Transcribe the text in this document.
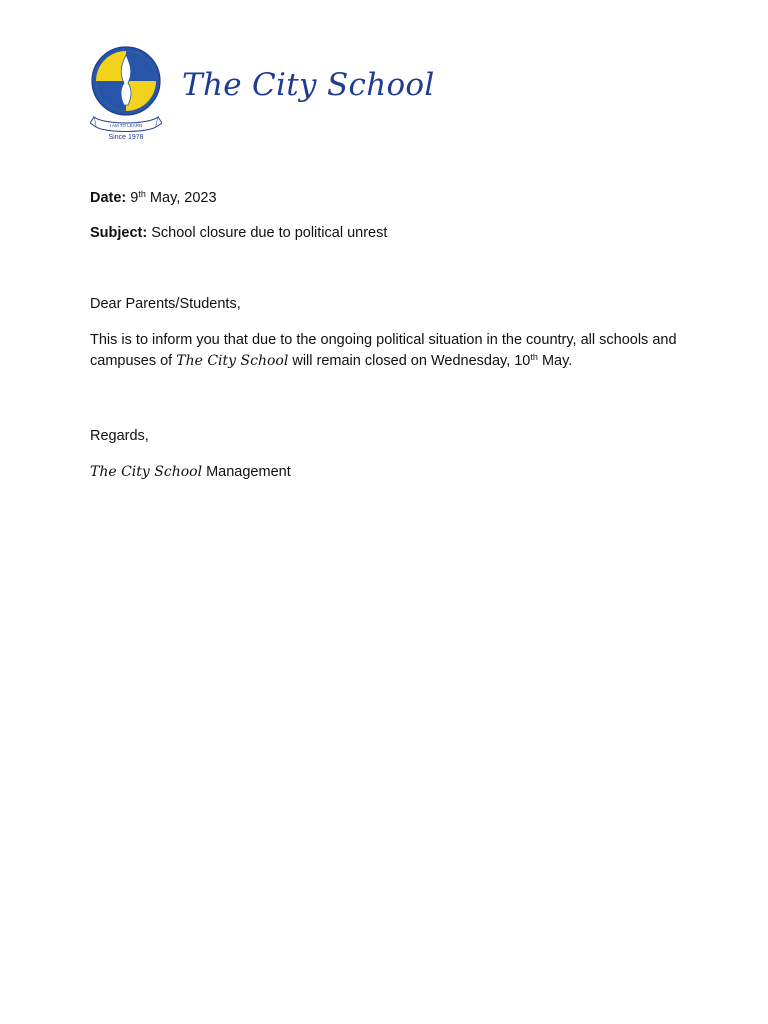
I AM TO LEARN
Since 1978
The City School
Date: 9th May, 2023
Subject: School closure due to political unrest
Dear Parents/Students,
This is to inform you that due to the ongoing political situation in the country, all schools and campuses of The City School will remain closed on Wednesday, 10th May.
Regards,
The City School Management
